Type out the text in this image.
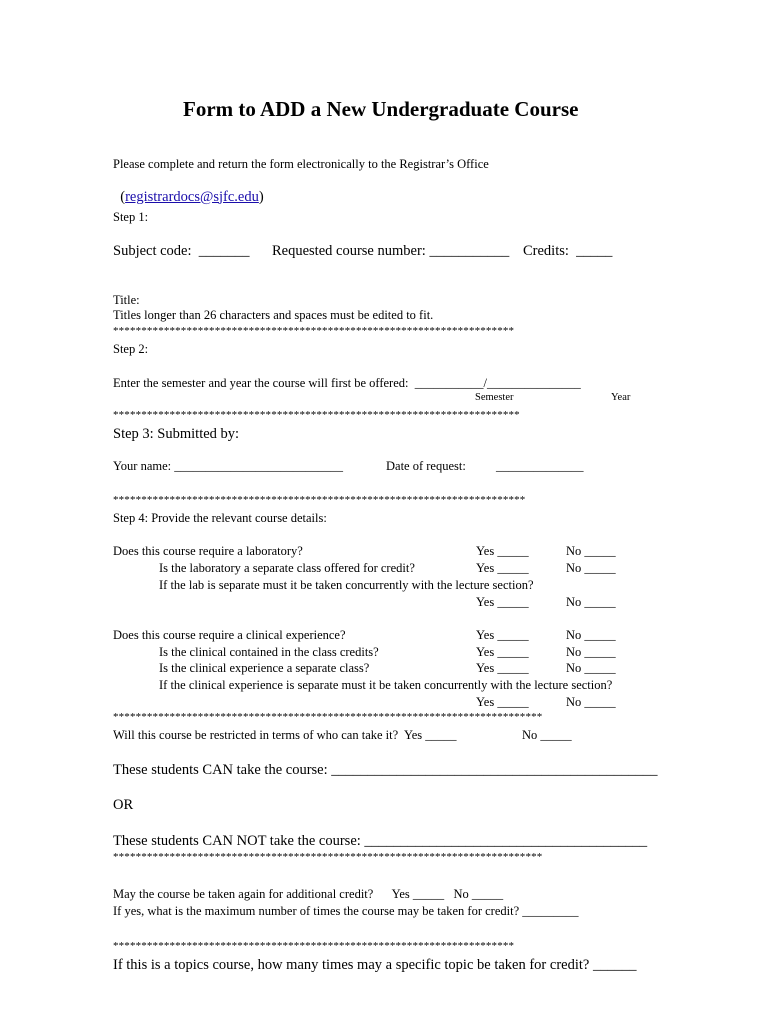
Form to ADD a New Undergraduate Course
Please complete and return the form electronically to the Registrar’s Office

(registrardocs@sjfc.edu)

Step 1:
Subject code:  _______ Requested course number: ___________ Credits:  _____
Title:
Titles longer than 26 characters and spaces must be edited to fit.
***********************************************************************
Step 2:
Enter the semester and year the course will first be offered:  ___________/_______________
Semester	Year
************************************************************************
Step 3: Submitted by:
Your name: ___________________________	Date of request: ______________
*************************************************************************
Step 4: Provide the relevant course details:
Does this course require a laboratory?	Yes _____	No _____
Is the laboratory a separate class offered for credit?	Yes _____	No _____
If the lab is separate must it be taken concurrently with the lecture section?
Yes _____	No _____
Does this course require a clinical experience?	Yes _____	No _____
Is the clinical contained in the class credits?	Yes _____	No _____
Is the clinical experience a separate class?	Yes _____	No _____
If the clinical experience is separate must it be taken concurrently with the lecture section?
Yes _____	No _____
****************************************************************************
Will this course be restricted in terms of who can take it?  Yes _____	No _____
These students CAN take the course: _____________________________________________
OR
These students CAN NOT take the course: _______________________________________
****************************************************************************
May the course be taken again for additional credit?      Yes _____   No _____
If yes, what is the maximum number of times the course may be taken for credit? _________
***********************************************************************
If this is a topics course, how many times may a specific topic be taken for credit? ______
